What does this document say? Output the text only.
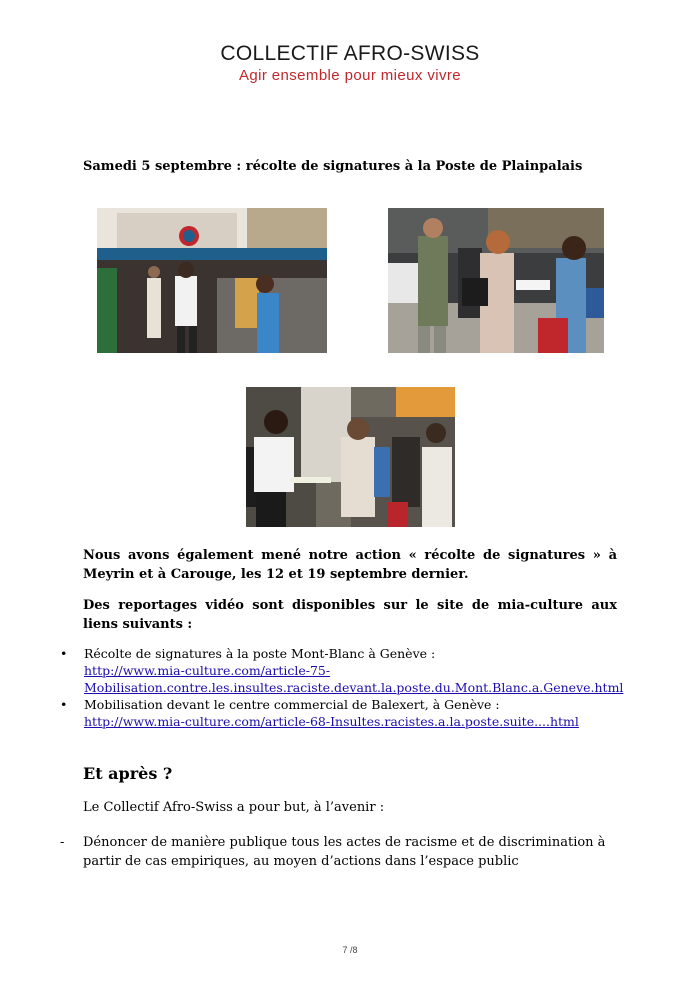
COLLECTIF AFRO-SWISS
Agir ensemble pour mieux vivre
Samedi 5 septembre : récolte de signatures à la Poste de Plainpalais
Nous avons également mené notre action « récolte de signatures » à Meyrin et à Carouge, les 12 et 19 septembre dernier.
Des reportages vidéo sont disponibles sur le site de mia-culture aux liens suivants :
• Récolte de signatures à la poste Mont-Blanc à Genève :
http://www.mia-culture.com/article-75-
Mobilisation.contre.les.insultes.raciste.devant.la.poste.du.Mont.Blanc.a.Geneve.html
• Mobilisation devant le centre commercial de Balexert, à Genève :
http://www.mia-culture.com/article-68-Insultes.racistes.a.la.poste.suite....html
Et après ?
Le Collectif Afro-Swiss a pour but, à l’avenir :
- Dénoncer de manière publique tous les actes de racisme et de discrimination à partir de cas empiriques, au moyen d’actions dans l’espace public
7 /8
